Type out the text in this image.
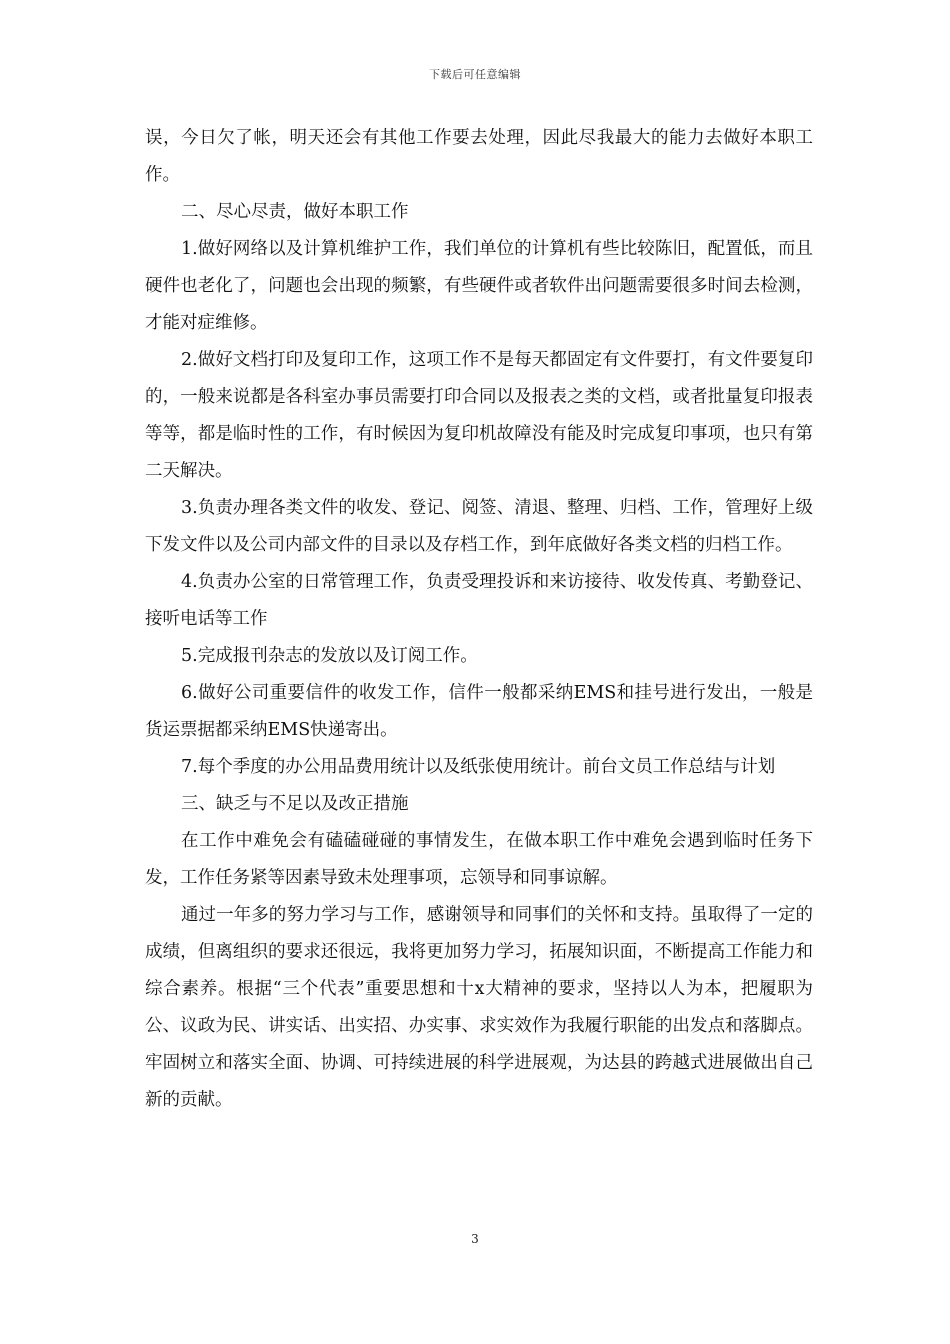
下载后可任意编辑

误，今日欠了帐，明天还会有其他工作要去处理，因此尽我最大的能力去做好本职工作。

二、尽心尽责，做好本职工作

1.做好网络以及计算机维护工作，我们单位的计算机有些比较陈旧，配置低，而且硬件也老化了，问题也会出现的频繁，有些硬件或者软件出问题需要很多时间去检测，才能对症维修。

2.做好文档打印及复印工作，这项工作不是每天都固定有文件要打，有文件要复印的，一般来说都是各科室办事员需要打印合同以及报表之类的文档，或者批量复印报表等等，都是临时性的工作，有时候因为复印机故障没有能及时完成复印事项，也只有第二天解决。

3.负责办理各类文件的收发、登记、阅签、清退、整理、归档、工作，管理好上级下发文件以及公司内部文件的目录以及存档工作，到年底做好各类文档的归档工作。

4.负责办公室的日常管理工作，负责受理投诉和来访接待、收发传真、考勤登记、接听电话等工作

5.完成报刊杂志的发放以及订阅工作。

6.做好公司重要信件的收发工作，信件一般都采纳EMS和挂号进行发出，一般是货运票据都采纳EMS快递寄出。

7.每个季度的办公用品费用统计以及纸张使用统计。前台文员工作总结与计划

三、缺乏与不足以及改正措施

在工作中难免会有磕磕碰碰的事情发生，在做本职工作中难免会遇到临时任务下发，工作任务紧等因素导致未处理事项，忘领导和同事谅解。

通过一年多的努力学习与工作，感谢领导和同事们的关怀和支持。虽取得了一定的成绩，但离组织的要求还很远，我将更加努力学习，拓展知识面，不断提高工作能力和综合素养。根据“三个代表”重要思想和十x大精神的要求，坚持以人为本，把履职为公、议政为民、讲实话、出实招、办实事、求实效作为我履行职能的出发点和落脚点。牢固树立和落实全面、协调、可持续进展的科学进展观，为达县的跨越式进展做出自己新的贡献。

3
